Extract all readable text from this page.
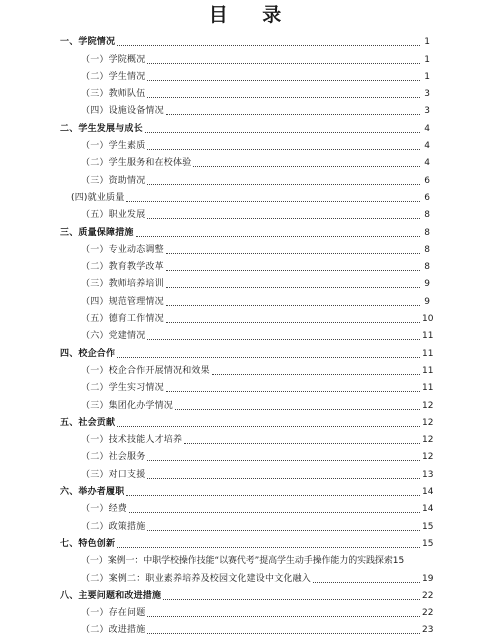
目 录
一、学院情况	1
（一）学院概况	1
（二）学生情况	1
（三）教师队伍	3
（四）设施设备情况	3
二、学生发展与成长	4
（一）学生素质	4
（二）学生服务和在校体验	4
（三）资助情况	6
(四)就业质量	6
（五）职业发展	8
三、质量保障措施	8
（一）专业动态调整	8
（二）教育教学改革	8
（三）教师培养培训	9
（四）规范管理情况	9
（五）德育工作情况	10
（六）党建情况	11
四、校企合作	11
（一）校企合作开展情况和效果	11
（二）学生实习情况	11
（三）集团化办学情况	12
五、社会贡献	12
（一）技术技能人才培养	12
（二）社会服务	12
（三）对口支援	13
六、举办者履职	14
（一）经费	14
（二）政策措施	15
七、特色创新	15
（一）案例一：中职学校操作技能“以赛代考”提高学生动手操作能力的实践探索 15
（二）案例二：职业素养培养及校园文化建设中文化融入	19
八、主要问题和改进措施	22
（一）存在问题	22
（二）改进措施	23
